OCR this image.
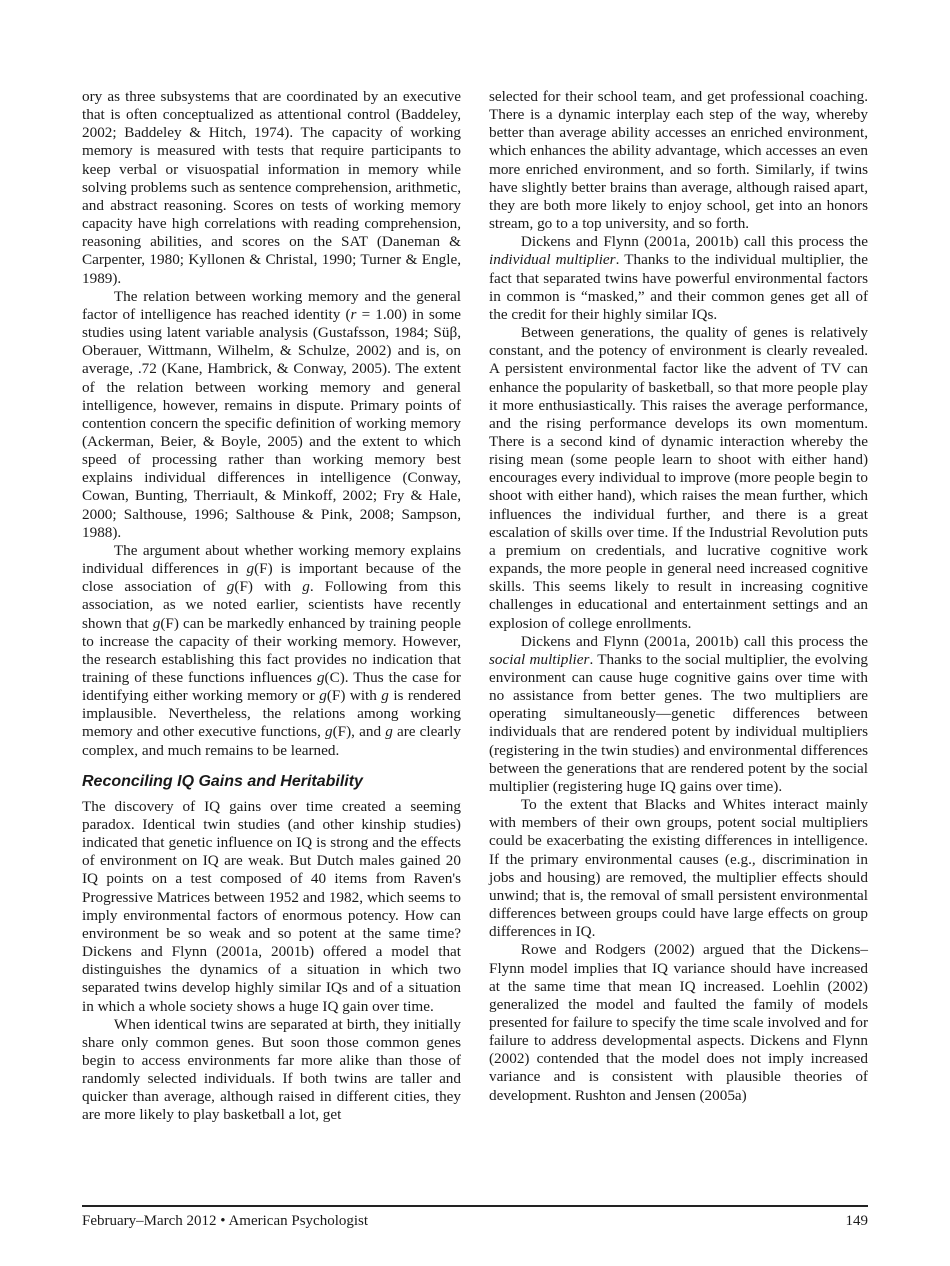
ory as three subsystems that are coordinated by an executive that is often conceptualized as attentional control (Baddeley, 2002; Baddeley & Hitch, 1974). The capacity of working memory is measured with tests that require participants to keep verbal or visuospatial information in memory while solving problems such as sentence comprehension, arithmetic, and abstract reasoning. Scores on tests of working memory capacity have high correlations with reading comprehension, reasoning abilities, and scores on the SAT (Daneman & Carpenter, 1980; Kyllonen & Christal, 1990; Turner & Engle, 1989).

The relation between working memory and the general factor of intelligence has reached identity (r = 1.00) in some studies using latent variable analysis (Gustafsson, 1984; Süβ, Oberauer, Wittmann, Wilhelm, & Schulze, 2002) and is, on average, .72 (Kane, Hambrick, & Conway, 2005). The extent of the relation between working memory and general intelligence, however, remains in dispute. Primary points of contention concern the specific definition of working memory (Ackerman, Beier, & Boyle, 2005) and the extent to which speed of processing rather than working memory best explains individual differences in intelligence (Conway, Cowan, Bunting, Therriault, & Minkoff, 2002; Fry & Hale, 2000; Salthouse, 1996; Salthouse & Pink, 2008; Sampson, 1988).

The argument about whether working memory explains individual differences in g(F) is important because of the close association of g(F) with g. Following from this association, as we noted earlier, scientists have recently shown that g(F) can be markedly enhanced by training people to increase the capacity of their working memory. However, the research establishing this fact provides no indication that training of these functions influences g(C). Thus the case for identifying either working memory or g(F) with g is rendered implausible. Nevertheless, the relations among working memory and other executive functions, g(F), and g are clearly complex, and much remains to be learned.

Reconciling IQ Gains and Heritability

The discovery of IQ gains over time created a seeming paradox. Identical twin studies (and other kinship studies) indicated that genetic influence on IQ is strong and the effects of environment on IQ are weak. But Dutch males gained 20 IQ points on a test composed of 40 items from Raven's Progressive Matrices between 1952 and 1982, which seems to imply environmental factors of enormous potency. How can environment be so weak and so potent at the same time? Dickens and Flynn (2001a, 2001b) offered a model that distinguishes the dynamics of a situation in which two separated twins develop highly similar IQs and of a situation in which a whole society shows a huge IQ gain over time.

When identical twins are separated at birth, they initially share only common genes. But soon those common genes begin to access environments far more alike than those of randomly selected individuals. If both twins are taller and quicker than average, although raised in different cities, they are more likely to play basketball a lot, get

selected for their school team, and get professional coaching. There is a dynamic interplay each step of the way, whereby better than average ability accesses an enriched environment, which enhances the ability advantage, which accesses an even more enriched environment, and so forth. Similarly, if twins have slightly better brains than average, although raised apart, they are both more likely to enjoy school, get into an honors stream, go to a top university, and so forth.

Dickens and Flynn (2001a, 2001b) call this process the individual multiplier. Thanks to the individual multiplier, the fact that separated twins have powerful environmental factors in common is “masked,” and their common genes get all of the credit for their highly similar IQs.

Between generations, the quality of genes is relatively constant, and the potency of environment is clearly revealed. A persistent environmental factor like the advent of TV can enhance the popularity of basketball, so that more people play it more enthusiastically. This raises the average performance, and the rising performance develops its own momentum. There is a second kind of dynamic interaction whereby the rising mean (some people learn to shoot with either hand) encourages every individual to improve (more people begin to shoot with either hand), which raises the mean further, which influences the individual further, and there is a great escalation of skills over time. If the Industrial Revolution puts a premium on credentials, and lucrative cognitive work expands, the more people in general need increased cognitive skills. This seems likely to result in increasing cognitive challenges in educational and entertainment settings and an explosion of college enrollments.

Dickens and Flynn (2001a, 2001b) call this process the social multiplier. Thanks to the social multiplier, the evolving environment can cause huge cognitive gains over time with no assistance from better genes. The two multipliers are operating simultaneously—genetic differences between individuals that are rendered potent by individual multipliers (registering in the twin studies) and environmental differences between the generations that are rendered potent by the social multiplier (registering huge IQ gains over time).

To the extent that Blacks and Whites interact mainly with members of their own groups, potent social multipliers could be exacerbating the existing differences in intelligence. If the primary environmental causes (e.g., discrimination in jobs and housing) are removed, the multiplier effects should unwind; that is, the removal of small persistent environmental differences between groups could have large effects on group differences in IQ.

Rowe and Rodgers (2002) argued that the Dickens–Flynn model implies that IQ variance should have increased at the same time that mean IQ increased. Loehlin (2002) generalized the model and faulted the family of models presented for failure to specify the time scale involved and for failure to address developmental aspects. Dickens and Flynn (2002) contended that the model does not imply increased variance and is consistent with plausible theories of development. Rushton and Jensen (2005a)

February–March 2012 • American Psychologist	149
